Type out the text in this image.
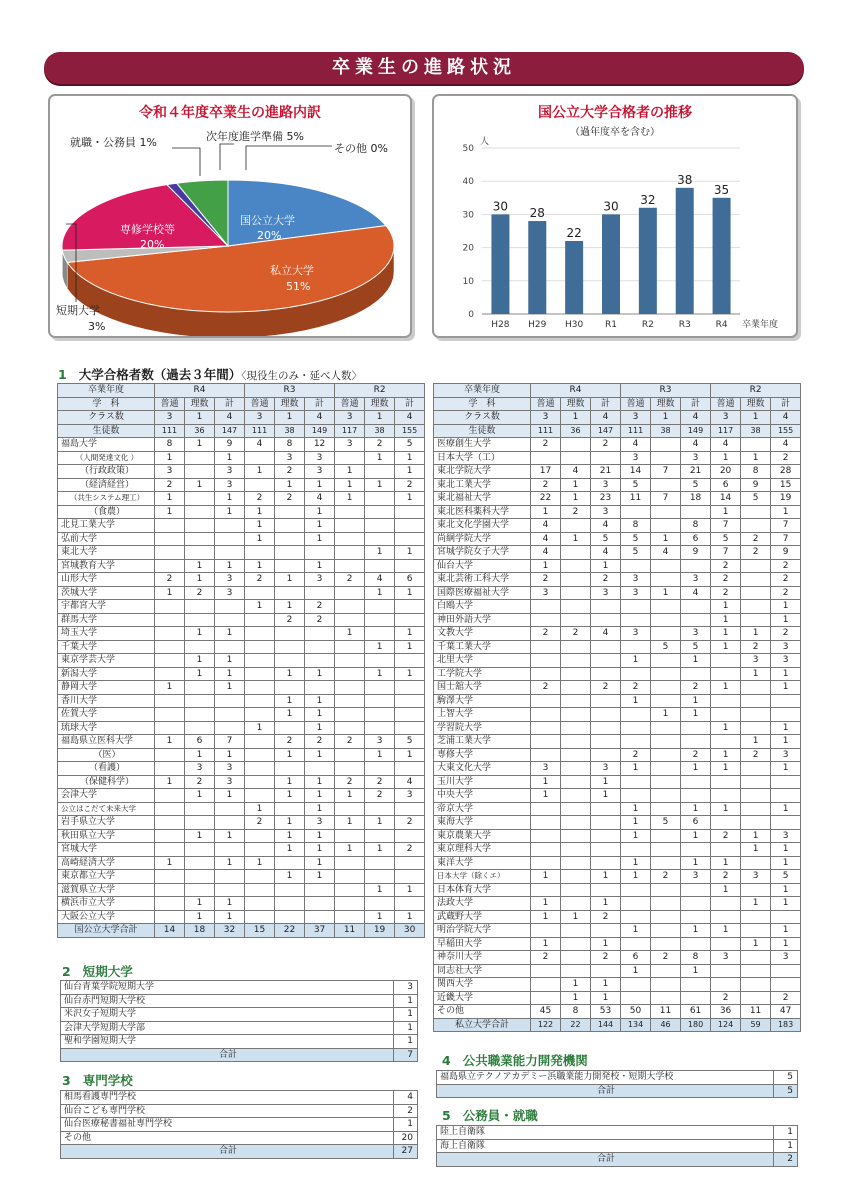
卒業生の進路状況
令和４年度卒業生の進路内訳
国公立大学
20%
私立大学
51%
専修学校等
20%
就職・公務員 1%	次年度進学準備 5%
その他 0%
短期大学
3%
国公立大学合格者の推移
（過年度卒を含む）
0
10
20
30
40
50
人
30
H28
28
H29
22
H30
30
R1
32
R2
38
R3
35
R4 卒業年度
1 大学合格者数（過去３年間）〈現役生のみ・延べ人数〉
2 短期大学
3 専門学校
4 公共職業能力開発機関
5 公務員・就職
卒業年度	R4			R3			R2		
学　科	普通	理数	計	普通	理数	計	普通	理数	計
クラス数	3	1	4	3	1	4	3	1	4
生徒数	111	36	147	111	38	149	117	38	155
福島大学	8	1	9	4	8	12	3	2	5
（人間発達文化 ）	1		1		3	3		1	1
（行政政策）	3		3	1	2	3	1		1
（経済経営）	2	1	3		1	1	1	1	2
（共生システム理工）	1		1	2	2	4	1		1
（食農）	1		1	1		1			
北見工業大学				1		1			
弘前大学				1		1			
東北大学								1	1
宮城教育大学		1	1	1		1			
山形大学	2	1	3	2	1	3	2	4	6
茨城大学	1	2	3					1	1
宇都宮大学				1	1	2			
群馬大学					2	2			
埼玉大学		1	1				1		1
千葉大学								1	1
東京学芸大学		1	1						
新潟大学		1	1		1	1		1	1
静岡大学	1		1						
香川大学					1	1			
佐賀大学					1	1			
琉球大学				1		1			
福島県立医科大学	1	6	7		2	2	2	3	5
（医）		1	1		1	1		1	1
（看護）		3	3						
（保健科学）	1	2	3		1	1	2	2	4
会津大学		1	1		1	1	1	2	3
公立はこだて未来大学				1		1			
岩手県立大学				2	1	3	1	1	2
秋田県立大学		1	1		1	1			
宮城大学					1	1	1	1	2
高崎経済大学	1		1	1		1			
東京都立大学					1	1			
滋賀県立大学								1	1
横浜市立大学		1	1						
大阪公立大学		1	1					1	1
国公立大学合計	14	18	32	15	22	37	11	19	30
卒業年度	R4			R3			R2		
学　科	普通	理数	計	普通	理数	計	普通	理数	計
クラス数	3	1	4	3	1	4	3	1	4
生徒数	111	36	147	111	38	149	117	38	155
医療創生大学	2		2	4		4	4		4
日本大学（工）				3		3	1	1	2
東北学院大学	17	4	21	14	7	21	20	8	28
東北工業大学	2	1	3	5		5	6	9	15
東北福祉大学	22	1	23	11	7	18	14	5	19
東北医科薬科大学	1	2	3				1		1
東北文化学園大学	4		4	8		8	7		7
尚絅学院大学	4	1	5	5	1	6	5	2	7
宮城学院女子大学	4		4	5	4	9	7	2	9
仙台大学	1		1				2		2
東北芸術工科大学	2		2	3		3	2		2
国際医療福祉大学	3		3	3	1	4	2		2
白鴎大学							1		1
神田外語大学							1		1
文教大学	2	2	4	3		3	1	1	2
千葉工業大学					5	5	1	2	3
北里大学				1		1		3	3
工学院大学								1	1
国士舘大学	2		2	2		2	1		1
駒澤大学				1		1			
上智大学					1	1			
学習院大学							1		1
芝浦工業大学								1	1
専修大学				2		2	1	2	3
大東文化大学	3		3	1		1	1		1
玉川大学	1		1						
中央大学	1		1						
帝京大学				1		1	1		1
東海大学				1	5	6			
東京農業大学				1		1	2	1	3
東京理科大学								1	1
東洋大学				1		1	1		1
日本大学（除くエ）	1		1	1	2	3	2	3	5
日本体育大学							1		1
法政大学	1		1					1	1
武蔵野大学	1	1	2						
明治学院大学				1		1	1		1
早稲田大学	1		1					1	1
神奈川大学	2		2	6	2	8	3		3
同志社大学				1		1			
関西大学		1	1						
近畿大学		1	1				2		2
その他	45	8	53	50	11	61	36	11	47
私立大学合計	122	22	144	134	46	180	124	59	183
仙台青葉学院短期大学	3
仙台赤門短期大学校	1
米沢女子短期大学	1
会津大学短期大学部	1
聖和学園短期大学	1
合計	7
相馬看護専門学校	4
仙台こども専門学校	2
仙台医療秘書福祉専門学校	1
その他	20
合計	27
福島県立テクノアカデミー浜職業能力開発校・短期大学校	5
合計	5
陸上自衛隊	1
海上自衛隊	1
合計	2
